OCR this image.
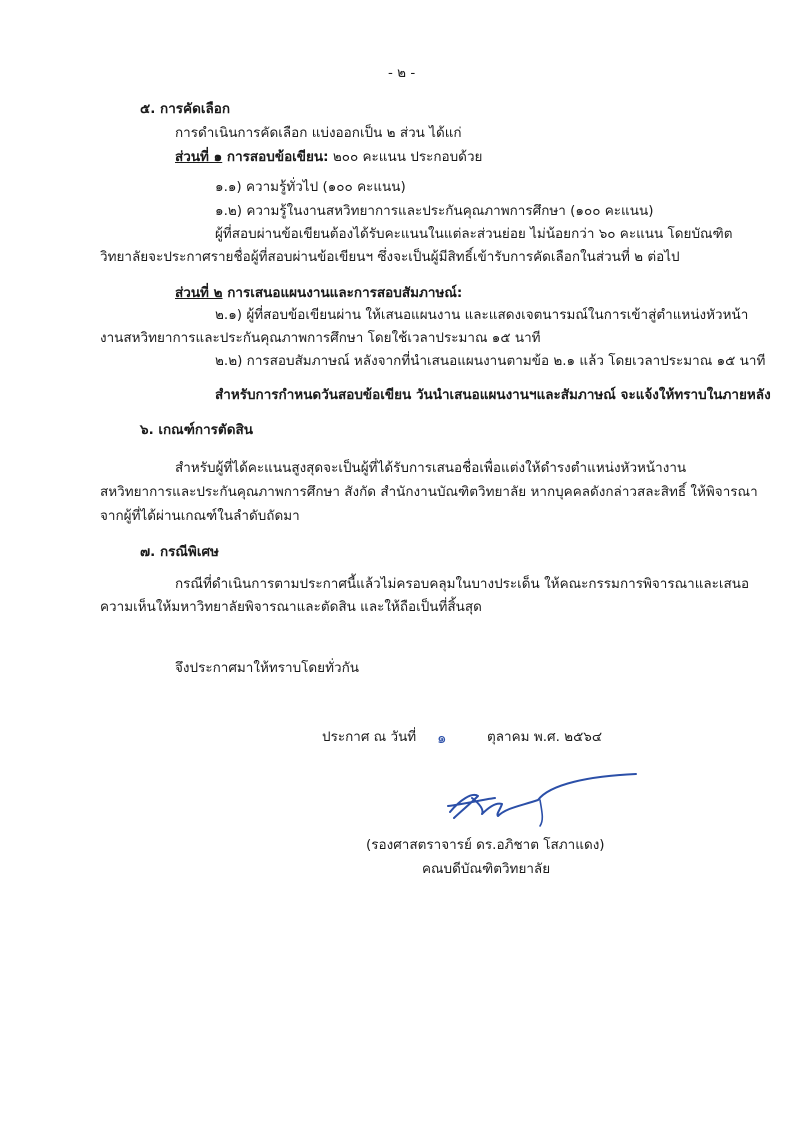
- ๒ -
๕. การคัดเลือก
การดำเนินการคัดเลือก แบ่งออกเป็น ๒ ส่วน ได้แก่
ส่วนที่ ๑ การสอบข้อเขียน: ๒๐๐ คะแนน ประกอบด้วย
๑.๑) ความรู้ทั่วไป (๑๐๐ คะแนน)
๑.๒) ความรู้ในงานสหวิทยาการและประกันคุณภาพการศึกษา (๑๐๐ คะแนน)
ผู้ที่สอบผ่านข้อเขียนต้องได้รับคะแนนในแต่ละส่วนย่อย ไม่น้อยกว่า ๖๐ คะแนน โดยบัณฑิต
วิทยาลัยจะประกาศรายชื่อผู้ที่สอบผ่านข้อเขียนฯ ซึ่งจะเป็นผู้มีสิทธิ์เข้ารับการคัดเลือกในส่วนที่ ๒ ต่อไป
ส่วนที่ ๒ การเสนอแผนงานและการสอบสัมภาษณ์:
๒.๑) ผู้ที่สอบข้อเขียนผ่าน ให้เสนอแผนงาน และแสดงเจตนารมณ์ในการเข้าสู่ตำแหน่งหัวหน้า
งานสหวิทยาการและประกันคุณภาพการศึกษา โดยใช้เวลาประมาณ ๑๕ นาที
๒.๒) การสอบสัมภาษณ์ หลังจากที่นำเสนอแผนงานตามข้อ ๒.๑ แล้ว โดยเวลาประมาณ ๑๕ นาที
สำหรับการกำหนดวันสอบข้อเขียน วันนำเสนอแผนงานฯและสัมภาษณ์ จะแจ้งให้ทราบในภายหลัง
๖. เกณฑ์การตัดสิน
สำหรับผู้ที่ได้คะแนนสูงสุดจะเป็นผู้ที่ได้รับการเสนอชื่อเพื่อแต่งให้ดำรงตำแหน่งหัวหน้างาน
สหวิทยาการและประกันคุณภาพการศึกษา สังกัด สำนักงานบัณฑิตวิทยาลัย หากบุคคลดังกล่าวสละสิทธิ์ ให้พิจารณา
จากผู้ที่ได้ผ่านเกณฑ์ในลำดับถัดมา
๗. กรณีพิเศษ
กรณีที่ดำเนินการตามประกาศนี้แล้วไม่ครอบคลุมในบางประเด็น ให้คณะกรรมการพิจารณาและเสนอ
ความเห็นให้มหาวิทยาลัยพิจารณาและตัดสิน และให้ถือเป็นที่สิ้นสุด
จึงประกาศมาให้ทราบโดยทั่วกัน
ประกาศ ณ วันที่ ๑	ตุลาคม พ.ศ. ๒๕๖๔
(รองศาสตราจารย์ ดร.อภิชาต โสภาแดง)
คณบดีบัณฑิตวิทยาลัย
